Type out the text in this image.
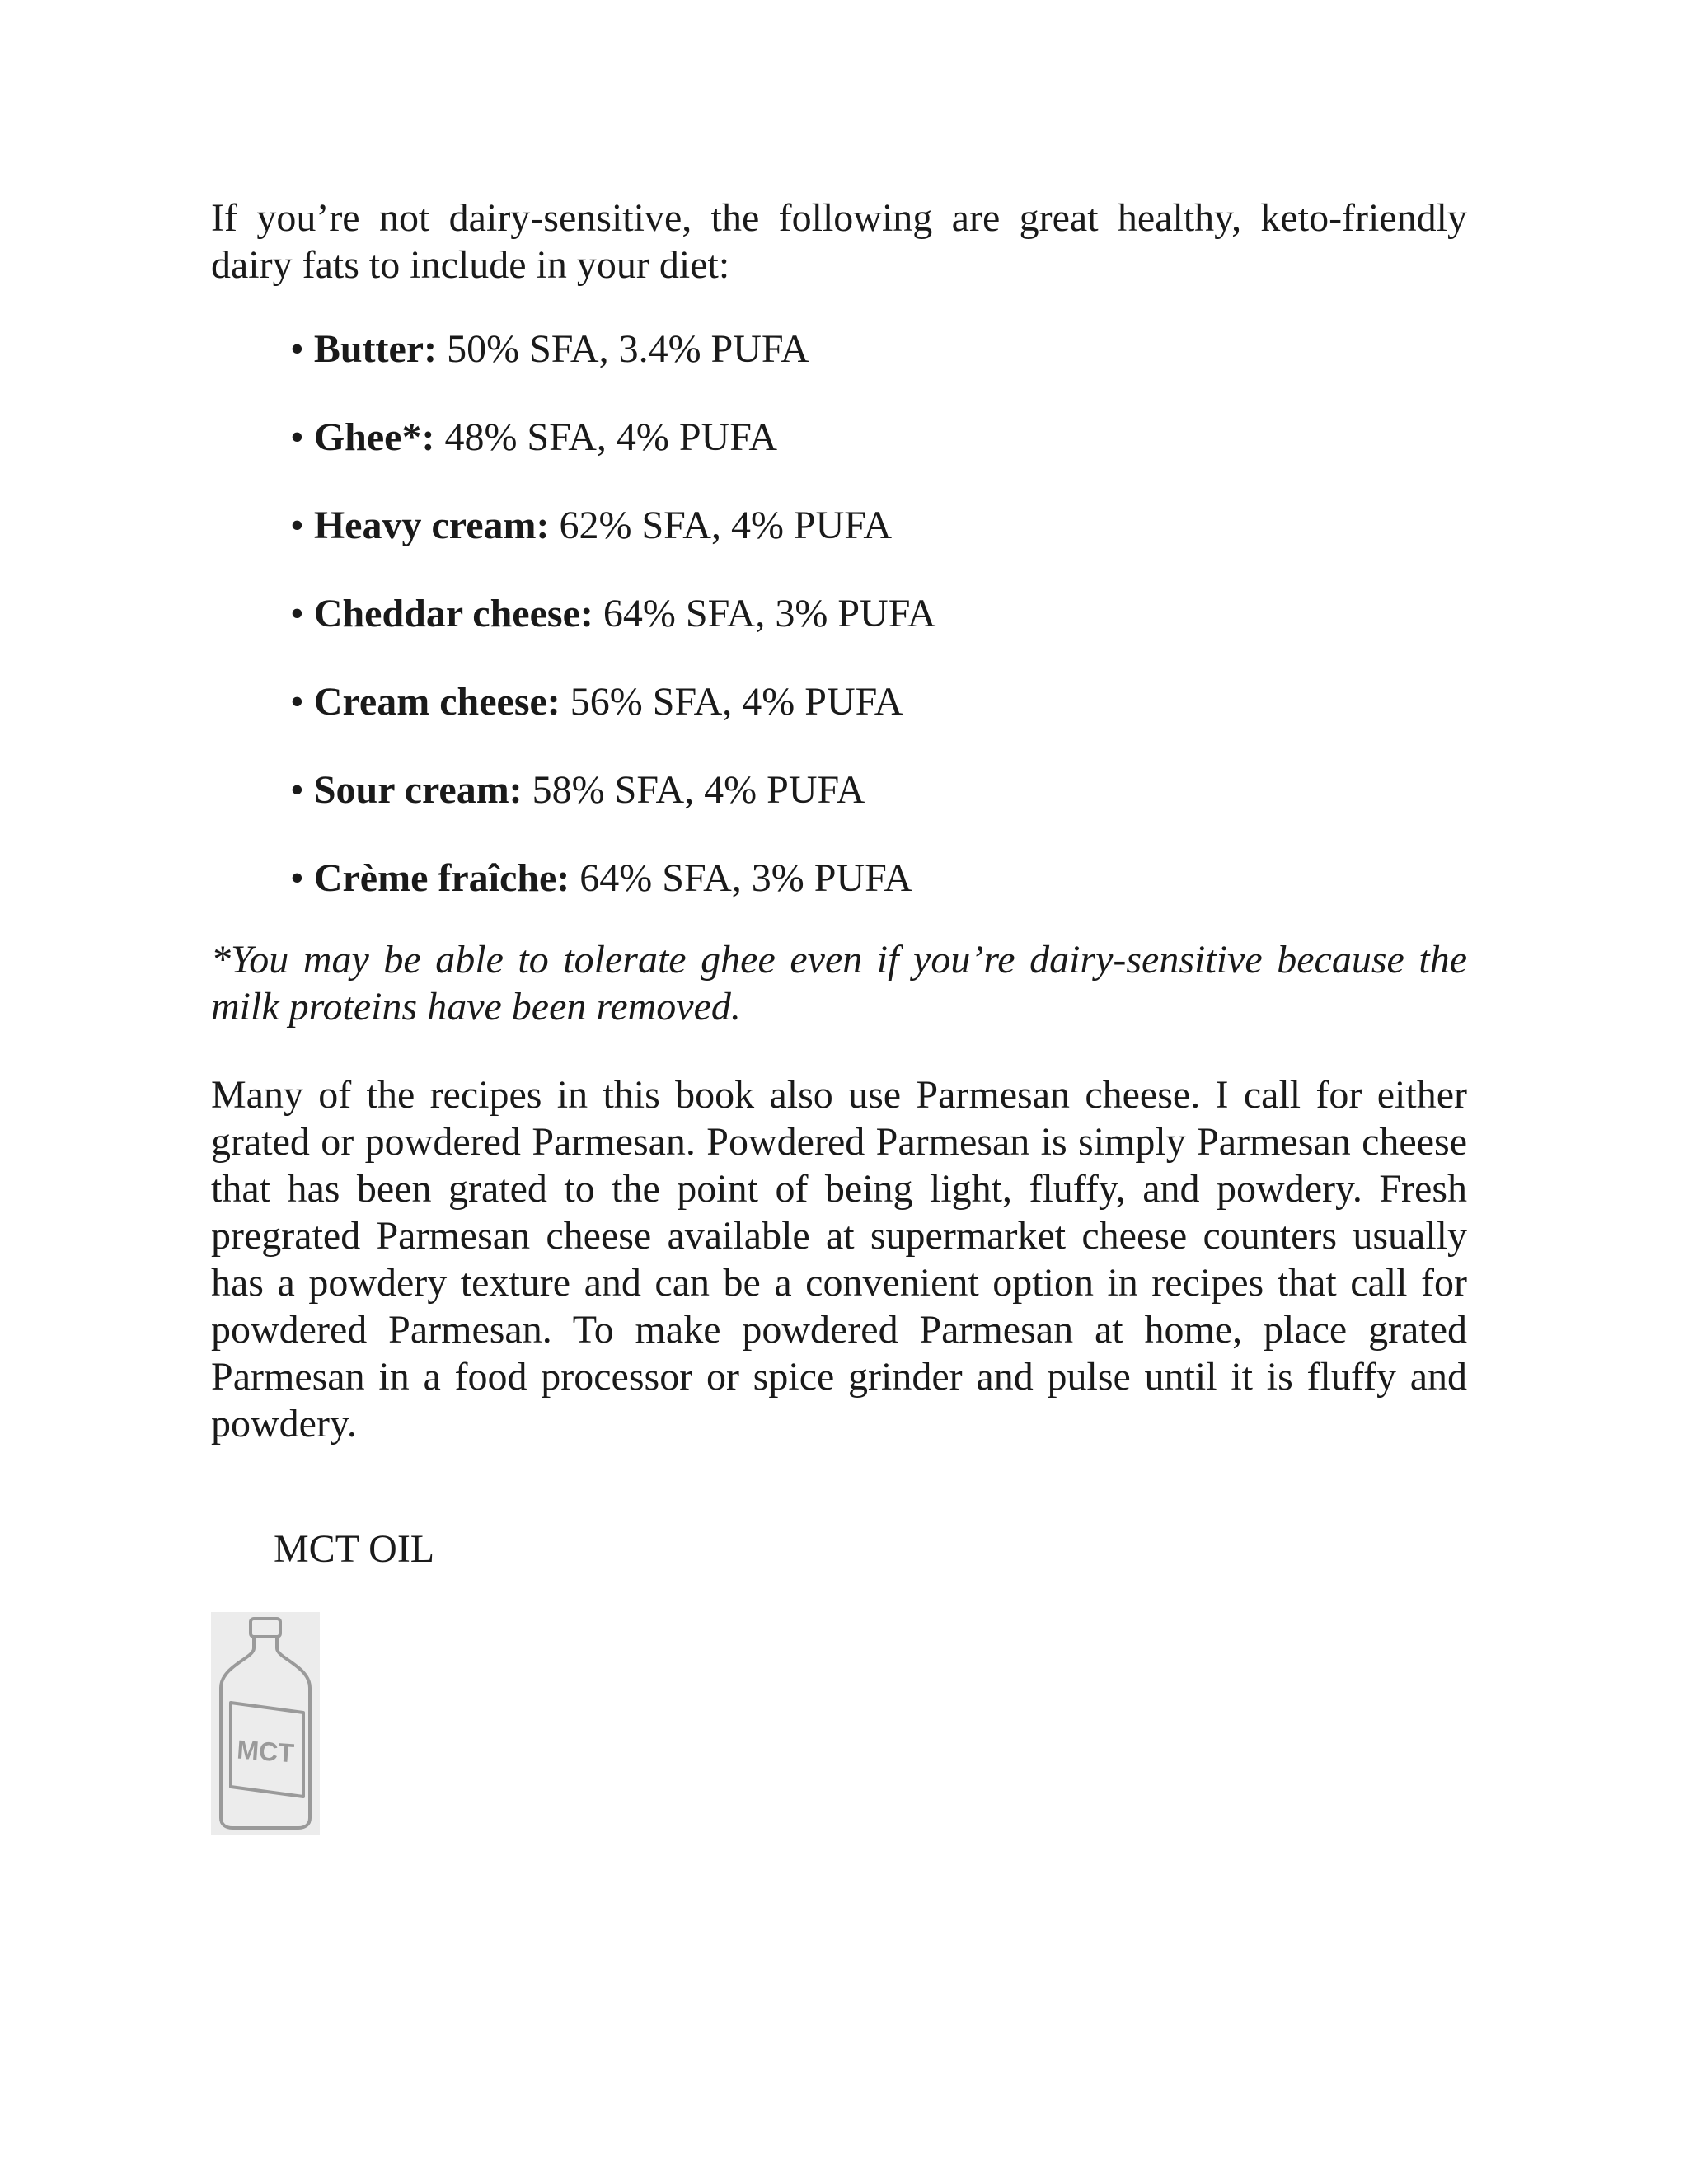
If you’re not dairy-sensitive, the following are great healthy, keto-friendly dairy fats to include in your diet:

• Butter: 50% SFA, 3.4% PUFA
• Ghee*: 48% SFA, 4% PUFA
• Heavy cream: 62% SFA, 4% PUFA
• Cheddar cheese: 64% SFA, 3% PUFA
• Cream cheese: 56% SFA, 4% PUFA
• Sour cream: 58% SFA, 4% PUFA
• Crème fraîche: 64% SFA, 3% PUFA

*You may be able to tolerate ghee even if you’re dairy-sensitive because the milk proteins have been removed.

Many of the recipes in this book also use Parmesan cheese. I call for either grated or powdered Parmesan. Powdered Parmesan is simply Parmesan cheese that has been grated to the point of being light, fluffy, and powdery. Fresh pregrated Parmesan cheese available at supermarket cheese counters usually has a powdery texture and can be a convenient option in recipes that call for powdered Parmesan. To make powdered Parmesan at home, place grated Parmesan in a food processor or spice grinder and pulse until it is fluffy and powdery.

MCT OIL
MCT
